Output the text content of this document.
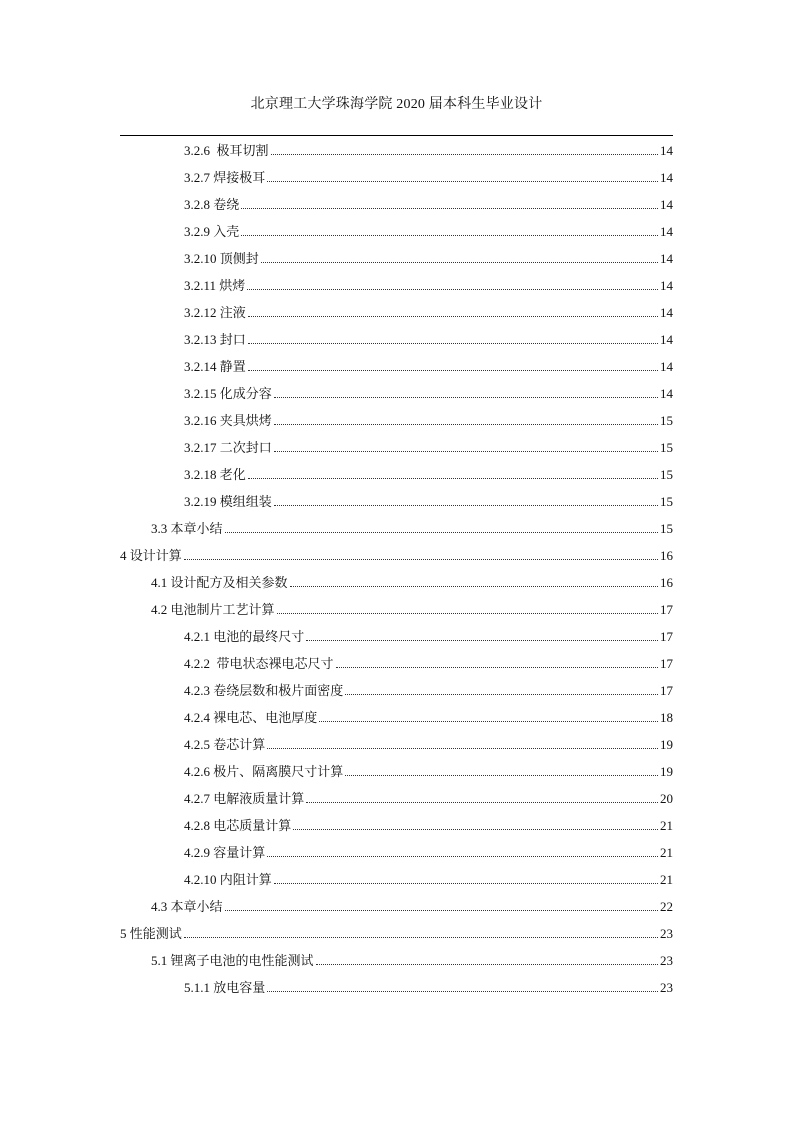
北京理工大学珠海学院 2020 届本科生毕业设计
3.2.6  极耳切割	14
3.2.7 焊接极耳	14
3.2.8 卷绕	14
3.2.9 入壳	14
3.2.10 顶侧封	14
3.2.11 烘烤	14
3.2.12 注液	14
3.2.13 封口	14
3.2.14 静置	14
3.2.15 化成分容	14
3.2.16 夹具烘烤	15
3.2.17 二次封口	15
3.2.18 老化	15
3.2.19 模组组装	15
3.3 本章小结	15
4 设计计算	16
4.1 设计配方及相关参数	16
4.2 电池制片工艺计算	17
4.2.1 电池的最终尺寸	17
4.2.2  带电状态裸电芯尺寸	17
4.2.3 卷绕层数和极片面密度	17
4.2.4 裸电芯、电池厚度	18
4.2.5 卷芯计算	19
4.2.6 极片、隔离膜尺寸计算	19
4.2.7 电解液质量计算	20
4.2.8 电芯质量计算	21
4.2.9 容量计算	21
4.2.10 内阻计算	21
4.3 本章小结	22
5 性能测试	23
5.1 锂离子电池的电性能测试	23
5.1.1 放电容量	23
